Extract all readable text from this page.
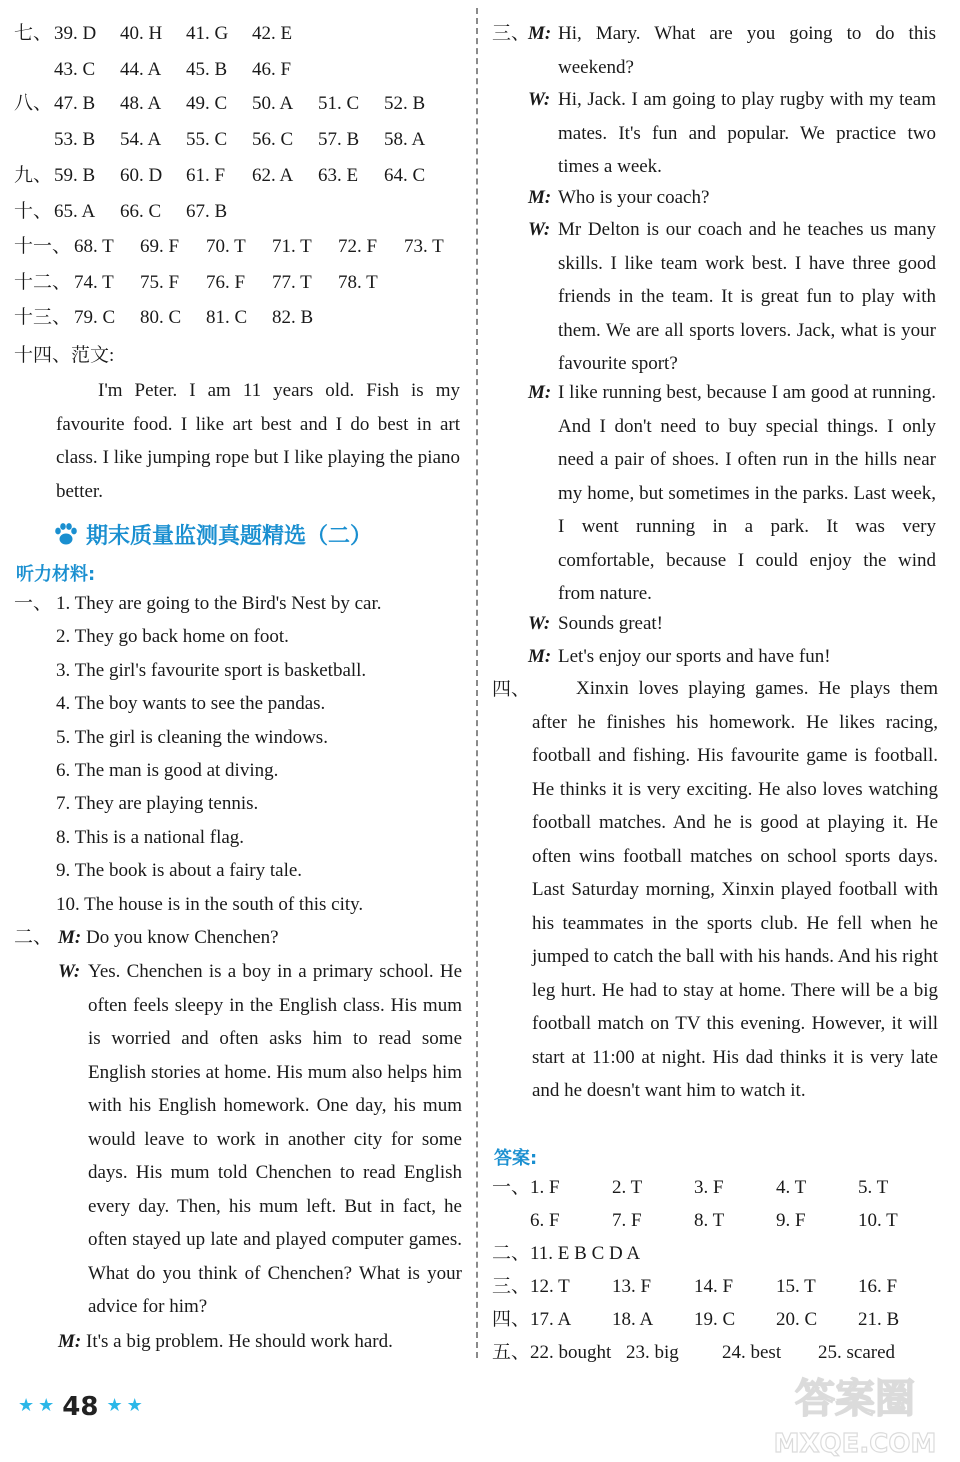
七、 39. D 40. H 41. G 42. E
43. C 44. A 45. B 46. F
八、 47. B 48. A 49. C 50. A 51. C 52. B
53. B 54. A 55. C 56. C 57. B 58. A
九、 59. B 60. D 61. F 62. A 63. E 64. C
十、 65. A 66. C 67. B
十一、 68. T 69. F 70. T 71. T 72. F 73. T
十二、 74. T 75. F 76. F 77. T 78. T
十三、 79. C 80. C 81. C 82. B
十四、范文:
I'm Peter. I am 11 years old. Fish is my favourite food. I like art best and I do best in art class. I like jumping rope but I like playing the piano better.
期末质量监测真题精选（二）
听力材料:
一、 1. They are going to the Bird's Nest by car.
2. They go back home on foot.
3. The girl's favourite sport is basketball.
4. The boy wants to see the pandas.
5. The girl is cleaning the windows.
6. The man is good at diving.
7. They are playing tennis.
8. This is a national flag.
9. The book is about a fairy tale.
10. The house is in the south of this city.
二、 M: Do you know Chenchen?
W: Yes. Chenchen is a boy in a primary school. He often feels sleepy in the English class. His mum is worried and often asks him to read some English stories at home. His mum also helps him with his English homework. One day, his mum would leave to work in another city for some days. His mum told Chenchen to read English every day. Then, his mum left. But in fact, he often stayed up late and played computer games. What do you think of Chenchen? What is your advice for him?
M: It's a big problem. He should work hard.
三、
M: Hi, Mary. What are you going to do this weekend?
W: Hi, Jack. I am going to play rugby with my team mates. It's fun and popular. We practice two times a week.
M: Who is your coach?
W: Mr Delton is our coach and he teaches us many skills. I like team work best. I have three good friends in the team. It is great fun to play with them. We are all sports lovers. Jack, what is your favourite sport?
M: I like running best, because I am good at running. And I don't need to buy special things. I only need a pair of shoes. I often run in the hills near my home, but sometimes in the parks. Last week, I went running in a park. It was very comfortable, because I could enjoy the wind from nature.
W: Sounds great!
M: Let's enjoy our sports and have fun!
四、	Xinxin loves playing games. He plays them after he finishes his homework. He likes racing, football and fishing. His favourite game is football. He thinks it is very exciting. He also loves watching football matches. And he is good at playing it. He often wins football matches on school sports days. Last Saturday morning, Xinxin played football with his teammates in the sports club. He fell when he jumped to catch the ball with his hands. And his right leg hurt. He had to stay at home. There will be a big football match on TV this evening. However, it will start at 11:00 at night. His dad thinks it is very late and he doesn't want him to watch it.
答案:
一、1. F	2. T	3. F	4. T	5. T
6. F	7. F	8. T	9. F	10. T
二、11. E B C D A
三、12. T 13. F 14. F 15. T 16. F
四、17. A 18. A 19. C 20. C 21. B
五、22. bought 23. big 24. best 25. scared
★ ★ 48 ★ ★	答案圈
MXQE.COM
